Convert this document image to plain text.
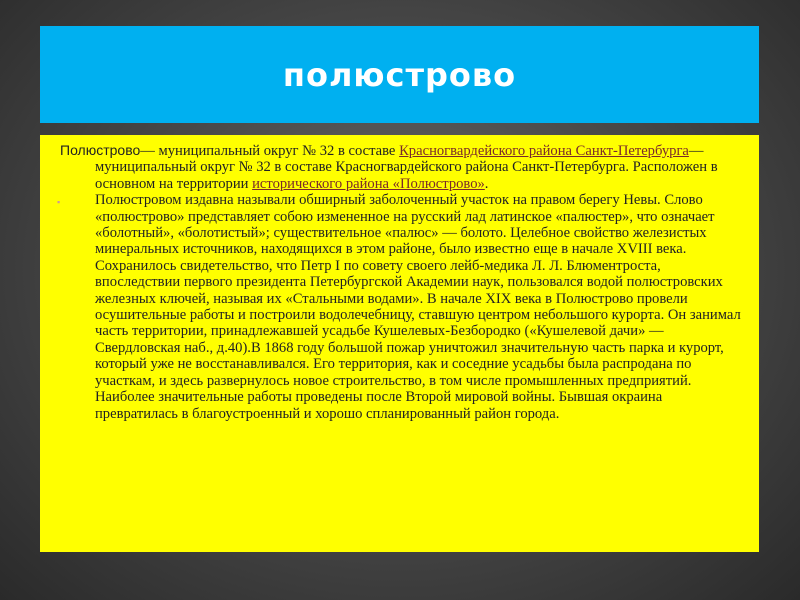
полюстрово

Полюстрово— муниципальный округ № 32 в составе Красногвардейского района Санкт-Петербурга— муниципальный округ № 32 в составе Красногвардейского района Санкт-Петербурга. Расположен в основном на территории исторического района «Полюстрово».

▪ Полюстровом издавна называли обширный заболоченный участок на правом берегу Невы. Слово «полюстрово» представляет собою измененное на русский лад латинское «палюстер», что означает «болотный», «болотистый»; существительное «палюс» — болото. Целебное свойство железистых минеральных источников, находящихся в этом районе, было известно еще в начале XVIII века. Сохранилось свидетельство, что Петр I по совету своего лейб-медика Л. Л. Блюментроста, впоследствии первого президента Петербургской Академии наук, пользовался водой полюстровских железных ключей, называя их «Стальными водами». В начале XIX века в Полюстрово провели осушительные работы и построили водолечебницу, ставшую центром небольшого курорта. Он занимал часть территории, принадлежавшей усадьбе Кушелевых-Безбородко («Кушелевой дачи» — Свердловская наб., д.40).В 1868 году большой пожар уничтожил значительную часть парка и курорт, который уже не восстанавливался. Его территория, как и соседние усадьбы была распродана по участкам, и здесь развернулось новое строительство, в том числе промышленных предприятий. Наиболее значительные работы проведены после Второй мировой войны. Бывшая окраина превратилась в благоустроенный и хорошо спланированный район города.
